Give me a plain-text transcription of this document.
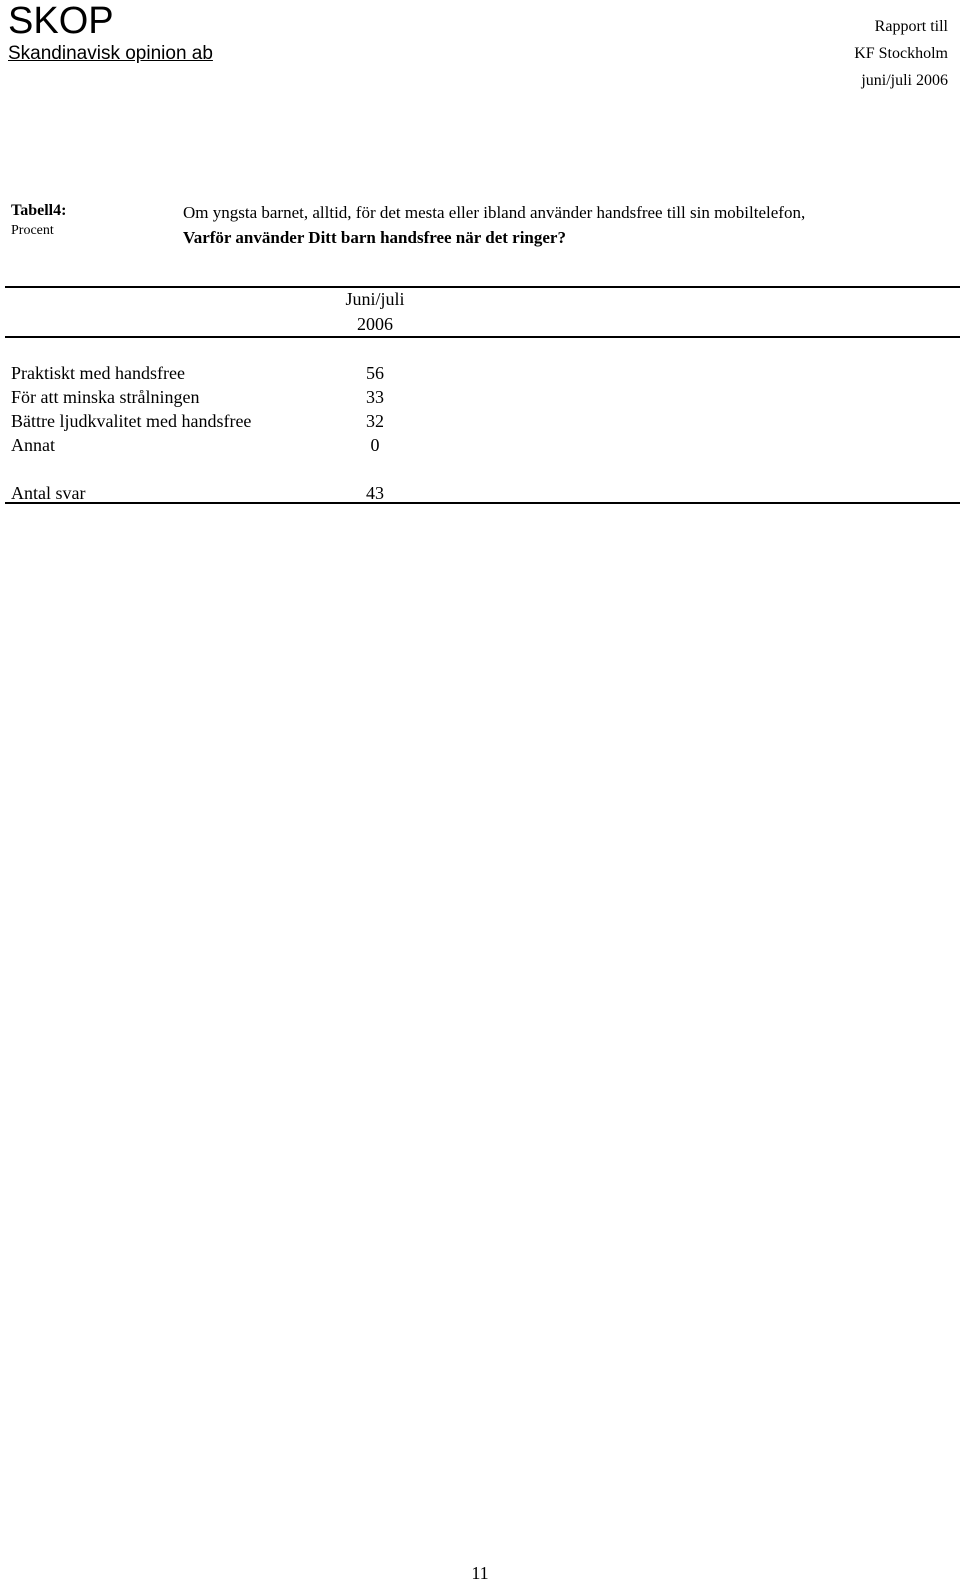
SKOP
Skandinavisk opinion ab
Rapport till
KF Stockholm
juni/juli 2006
Tabell4:
Procent
Om yngsta barnet, alltid, för det mesta eller ibland använder handsfree till sin mobiltelefon,
Varför använder Ditt barn handsfree när det ringer?
Juni/juli
2006
Praktiskt med handsfree	56
För att minska strålningen	33
Bättre ljudkvalitet med handsfree	32
Annat	0
Antal svar	43
11
